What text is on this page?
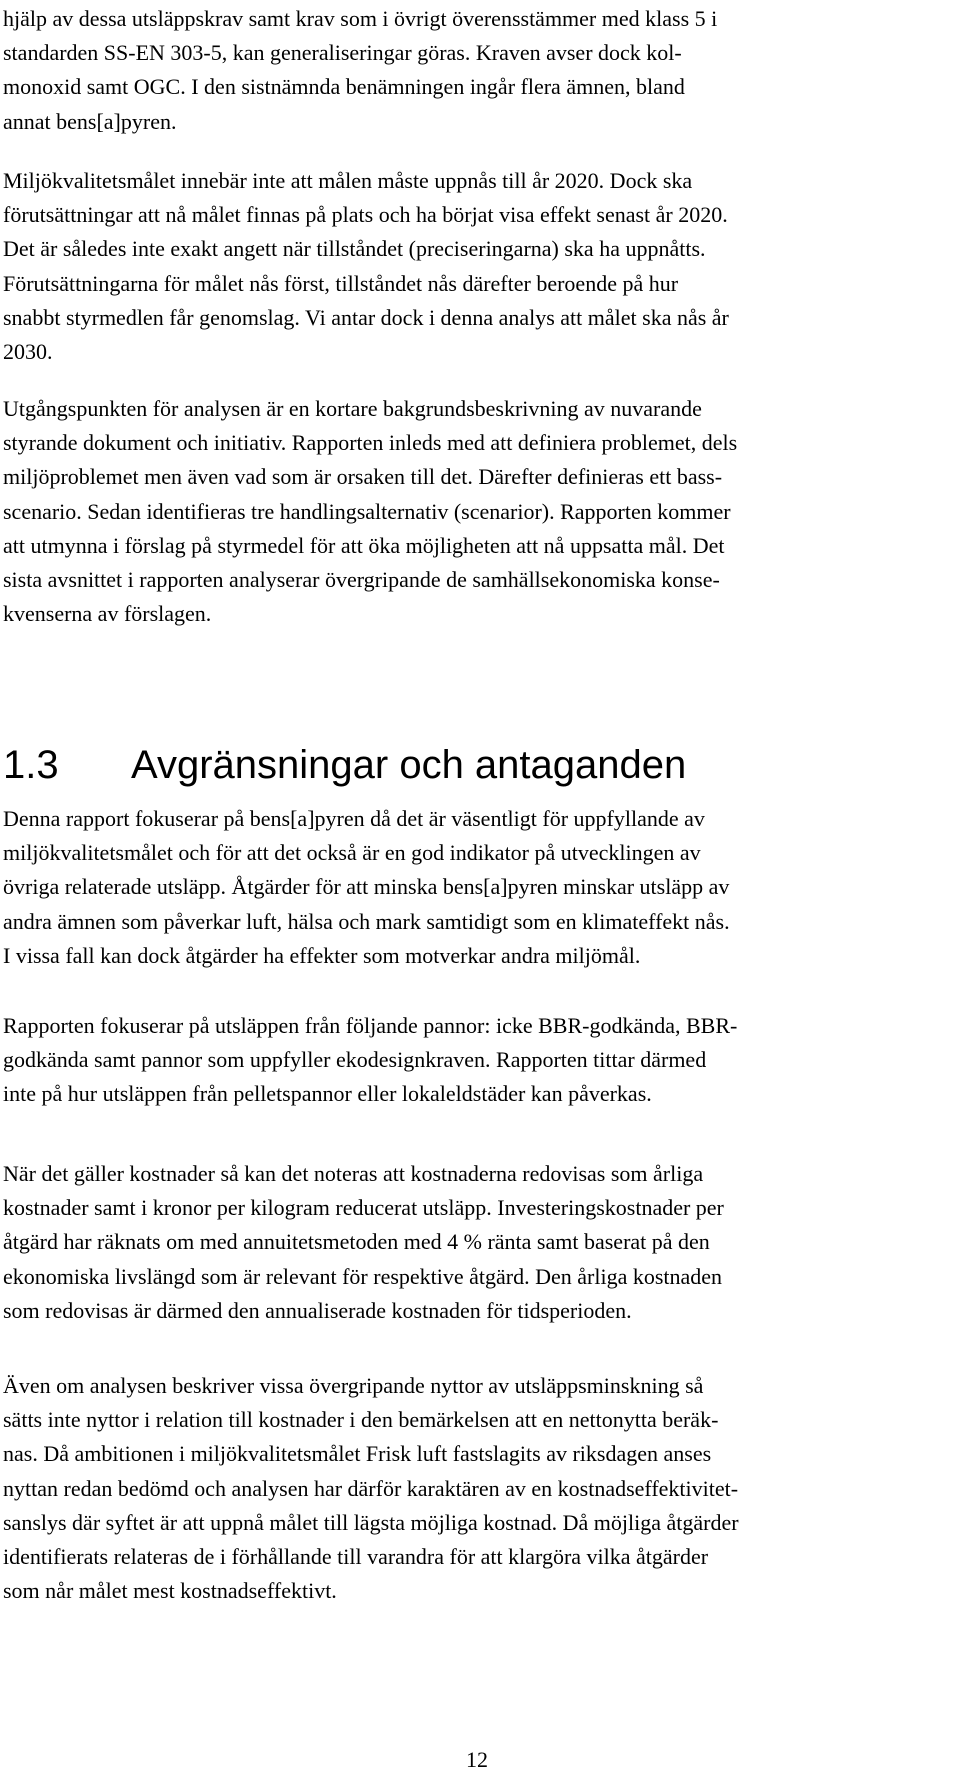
hjälp av dessa utsläppskrav samt krav som i övrigt överensstämmer med klass 5 i
standarden SS-EN 303-5, kan generaliseringar göras. Kraven avser dock kol-
monoxid samt OGC. I den sistnämnda benämningen ingår flera ämnen, bland
annat bens[a]pyren.
Miljökvalitetsmålet innebär inte att målen måste uppnås till år 2020. Dock ska
förutsättningar att nå målet finnas på plats och ha börjat visa effekt senast år 2020.
Det är således inte exakt angett när tillståndet (preciseringarna) ska ha uppnåtts.
Förutsättningarna för målet nås först, tillståndet nås därefter beroende på hur
snabbt styrmedlen får genomslag. Vi antar dock i denna analys att målet ska nås år
2030.
Utgångspunkten för analysen är en kortare bakgrundsbeskrivning av nuvarande
styrande dokument och initiativ. Rapporten inleds med att definiera problemet, dels
miljöproblemet men även vad som är orsaken till det. Därefter definieras ett bass-
scenario. Sedan identifieras tre handlingsalternativ (scenarior). Rapporten kommer
att utmynna i förslag på styrmedel för att öka möjligheten att nå uppsatta mål. Det
sista avsnittet i rapporten analyserar övergripande de samhällsekonomiska konse-
kvenserna av förslagen.
Denna rapport fokuserar på bens[a]pyren då det är väsentligt för uppfyllande av
miljökvalitetsmålet och för att det också är en god indikator på utvecklingen av
övriga relaterade utsläpp. Åtgärder för att minska bens[a]pyren minskar utsläpp av
andra ämnen som påverkar luft, hälsa och mark samtidigt som en klimateffekt nås.
I vissa fall kan dock åtgärder ha effekter som motverkar andra miljömål.
Rapporten fokuserar på utsläppen från följande pannor: icke BBR-godkända, BBR-
godkända samt pannor som uppfyller ekodesignkraven. Rapporten tittar därmed
inte på hur utsläppen från pelletspannor eller lokaleldstäder kan påverkas.
När det gäller kostnader så kan det noteras att kostnaderna redovisas som årliga
kostnader samt i kronor per kilogram reducerat utsläpp. Investeringskostnader per
åtgärd har räknats om med annuitetsmetoden med 4 % ränta samt baserat på den
ekonomiska livslängd som är relevant för respektive åtgärd. Den årliga kostnaden
som redovisas är därmed den annualiserade kostnaden för tidsperioden.
Även om analysen beskriver vissa övergripande nyttor av utsläppsminskning så
sätts inte nyttor i relation till kostnader i den bemärkelsen att en nettonytta beräk-
nas. Då ambitionen i miljökvalitetsmålet Frisk luft fastslagits av riksdagen anses
nyttan redan bedömd och analysen har därför karaktären av en kostnadseffektivitet-
sanslys där syftet är att uppnå målet till lägsta möjliga kostnad. Då möjliga åtgärder
identifierats relateras de i förhållande till varandra för att klargöra vilka åtgärder
som når målet mest kostnadseffektivt.
1.3 Avgränsningar och antaganden
12
